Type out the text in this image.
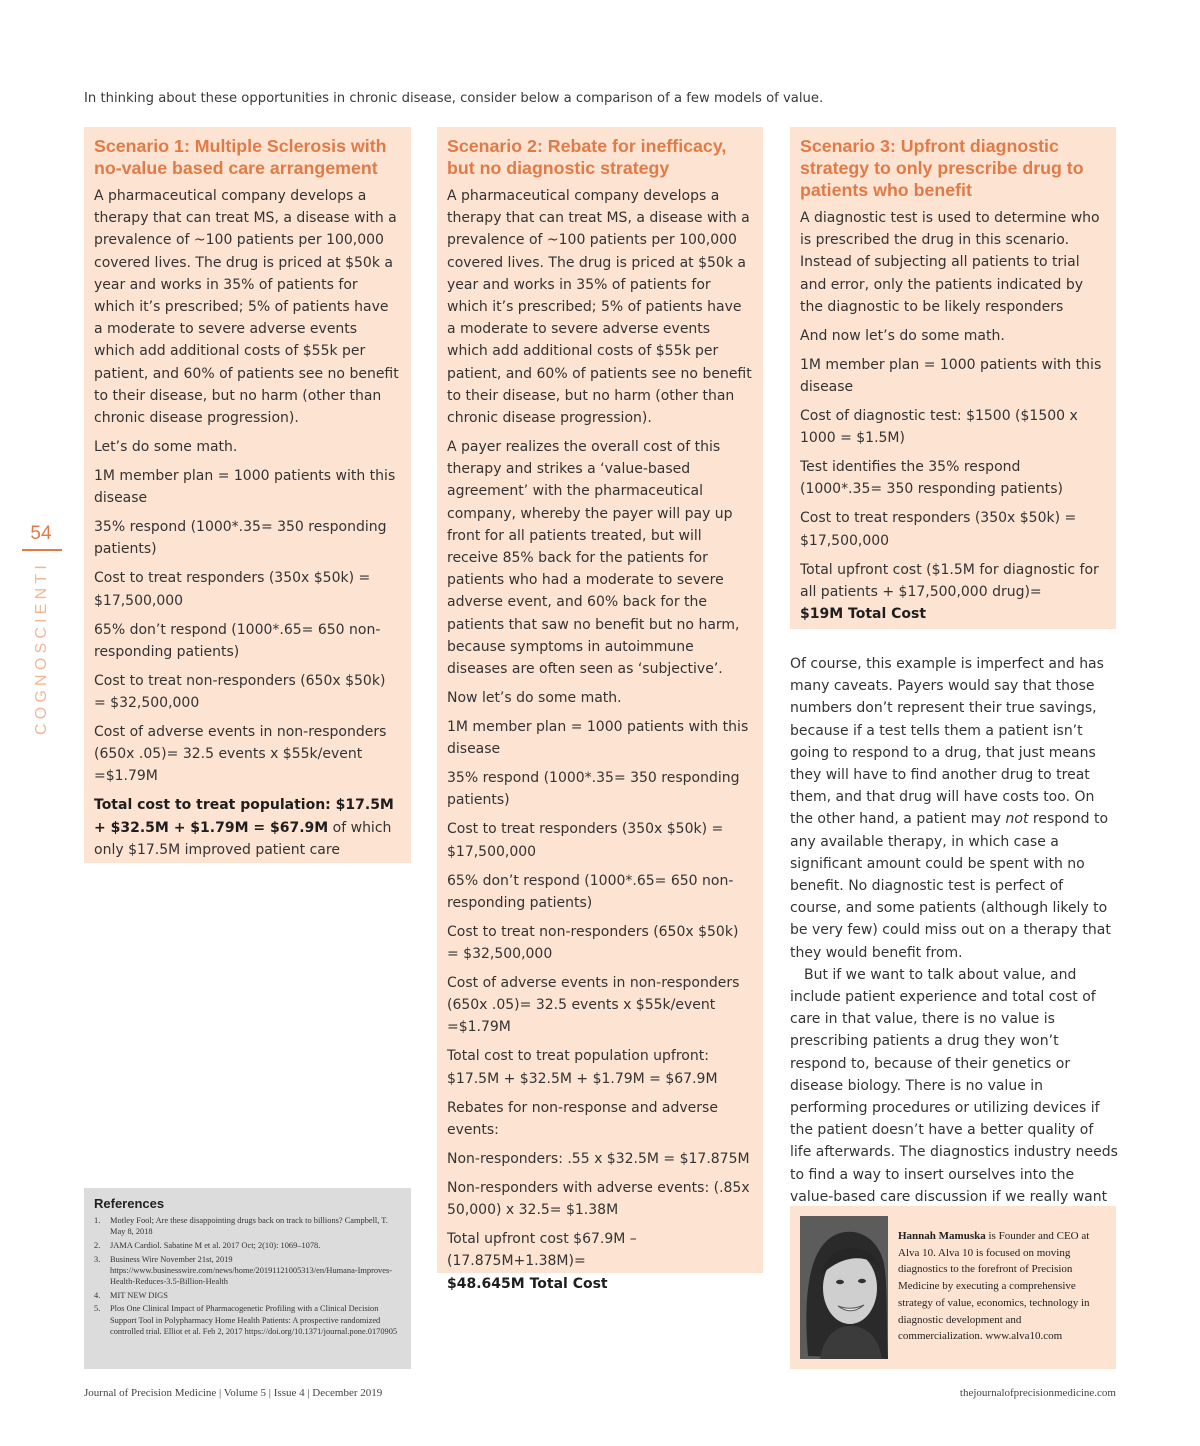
In thinking about these opportunities in chronic disease, consider below a comparison of a few models of value.
54
COGNOSCIENTI
Scenario 1: Multiple Sclerosis with no-value based care arrangement

A pharmaceutical company develops a therapy that can treat MS, a disease with a prevalence of ~100 patients per 100,000 covered lives. The drug is priced at $50k a year and works in 35% of patients for which it’s prescribed; 5% of patients have a moderate to severe adverse events which add additional costs of $55k per patient, and 60% of patients see no benefit to their disease, but no harm (other than chronic disease progression).

Let’s do some math.

1M member plan = 1000 patients with this disease

35% respond (1000*.35= 350 responding patients)

Cost to treat responders (350x $50k) = $17,500,000

65% don’t respond (1000*.65= 650 non-responding patients)

Cost to treat non-responders (650x $50k) = $32,500,000

Cost of adverse events in non-responders (650x .05)= 32.5 events x $55k/event =$1.79M

Total cost to treat population: $17.5M + $32.5M + $1.79M = $67.9M of which only $17.5M improved patient care

Scenario 2: Rebate for inefficacy, but no diagnostic strategy

A pharmaceutical company develops a therapy that can treat MS, a disease with a prevalence of ~100 patients per 100,000 covered lives. The drug is priced at $50k a year and works in 35% of patients for which it’s prescribed; 5% of patients have a moderate to severe adverse events which add additional costs of $55k per patient, and 60% of patients see no benefit to their disease, but no harm (other than chronic disease progression).

A payer realizes the overall cost of this therapy and strikes a ‘value-based agreement’ with the pharmaceutical company, whereby the payer will pay up front for all patients treated, but will receive 85% back for the patients for patients who had a moderate to severe adverse event, and 60% back for the patients that saw no benefit but no harm, because symptoms in autoimmune diseases are often seen as ‘subjective’.

Now let’s do some math.

1M member plan = 1000 patients with this disease

35% respond (1000*.35= 350 responding patients)

Cost to treat responders (350x $50k) = $17,500,000

65% don’t respond (1000*.65= 650 non-responding patients)

Cost to treat non-responders (650x $50k) = $32,500,000

Cost of adverse events in non-responders (650x .05)= 32.5 events x $55k/event =$1.79M

Total cost to treat population upfront: $17.5M + $32.5M + $1.79M = $67.9M

Rebates for non-response and adverse events:

Non-responders: .55 x $32.5M = $17.875M

Non-responders with adverse events: (.85x 50,000) x 32.5= $1.38M

Total upfront cost $67.9M – (17.875M+1.38M)=
$48.645M Total Cost

Scenario 3: Upfront diagnostic strategy to only prescribe drug to patients who benefit

A diagnostic test is used to determine who is prescribed the drug in this scenario. Instead of subjecting all patients to trial and error, only the patients indicated by the diagnostic to be likely responders

And now let’s do some math.

1M member plan = 1000 patients with this disease

Cost of diagnostic test: $1500 ($1500 x 1000 = $1.5M)

Test identifies the 35% respond (1000*.35= 350 responding patients)

Cost to treat responders (350x $50k) = $17,500,000

Total upfront cost ($1.5M for diagnostic for all patients + $17,500,000 drug)=
$19M Total Cost

Of course, this example is imperfect and has many caveats. Payers would say that those numbers don’t represent their true savings, because if a test tells them a patient isn’t going to respond to a drug, that just means they will have to find another drug to treat them, and that drug will have costs too. On the other hand, a patient may not respond to any available therapy, in which case a significant amount could be spent with no benefit. No diagnostic test is perfect of course, and some patients (although likely to be very few) could miss out on a therapy that they would benefit from.

But if we want to talk about value, and include patient experience and total cost of care in that value, there is no value is prescribing patients a drug they won’t respond to, because of their genetics or disease biology. There is no value in performing procedures or utilizing devices if the patient doesn’t have a better quality of life afterwards. The diagnostics industry needs to find a way to insert ourselves into the value-based care discussion if we really want

References
1.	Motley Fool; Are these disappointing drugs back on track to billions? Campbell, T. May 8, 2018
2.	JAMA Cardiol. Sabatine M et al. 2017 Oct; 2(10): 1069–1078.
3.	Business Wire November 21st, 2019 https://www.businesswire.com/news/home/20191121005313/en/Humana-Improves-Health-Reduces-3.5-Billion-Health
4.	MIT NEW DIGS
5.	Plos One Clinical Impact of Pharmacogenetic Profiling with a Clinical Decision Support Tool in Polypharmacy Home Health Patients: A prospective randomized controlled trial. Elliot et al. Feb 2, 2017 https://doi.org/10.1371/journal.pone.0170905
Hannah Mamuska is Founder and CEO at Alva 10. Alva 10 is focused on moving diagnostics to the forefront of Precision Medicine by executing a comprehensive strategy of value, economics, technology in diagnostic development and commercialization. www.alva10.com
Journal of Precision Medicine | Volume 5 | Issue 4 | December 2019	thejournalofprecisionmedicine.com
